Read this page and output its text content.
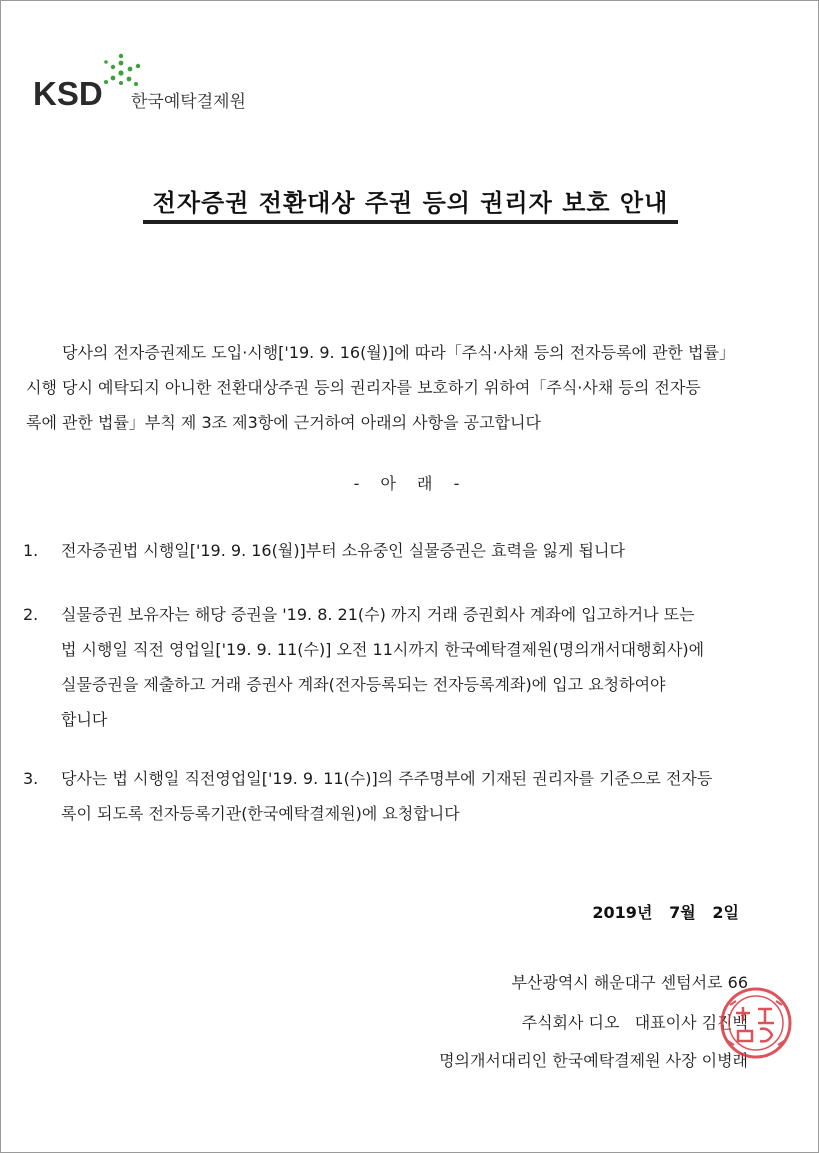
KSD 한국예탁결제원
전자증권 전환대상 주권 등의 권리자 보호 안내
당사의 전자증권제도 도입·시행['19. 9. 16(월)]에 따라「주식·사채 등의 전자등록에 관한 법률」
시행 당시 예탁되지 아니한 전환대상주권 등의 권리자를 보호하기 위하여「주식·사채 등의 전자등
록에 관한 법률」부칙 제 3조 제3항에 근거하여 아래의 사항을 공고합니다
- 아 래 -
1. 전자증권법 시행일['19. 9. 16(월)]부터 소유중인 실물증권은 효력을 잃게 됩니다
2. 실물증권 보유자는 해당 증권을 '19. 8. 21(수) 까지 거래 증권회사 계좌에 입고하거나 또는
법 시행일 직전 영업일['19. 9. 11(수)] 오전 11시까지 한국예탁결제원(명의개서대행회사)에
실물증권을 제출하고 거래 증권사 계좌(전자등록되는 전자등록계좌)에 입고 요청하여야
합니다
3. 당사는 법 시행일 직전영업일['19. 9. 11(수)]의 주주명부에 기재된 권리자를 기준으로 전자등
록이 되도록 전자등록기관(한국예탁결제원)에 요청합니다
2019년   7월   2일
부산광역시 해운대구 센텀서로 66
주식회사 디오   대표이사 김진백
명의개서대리인 한국예탁결제원 사장 이병래
